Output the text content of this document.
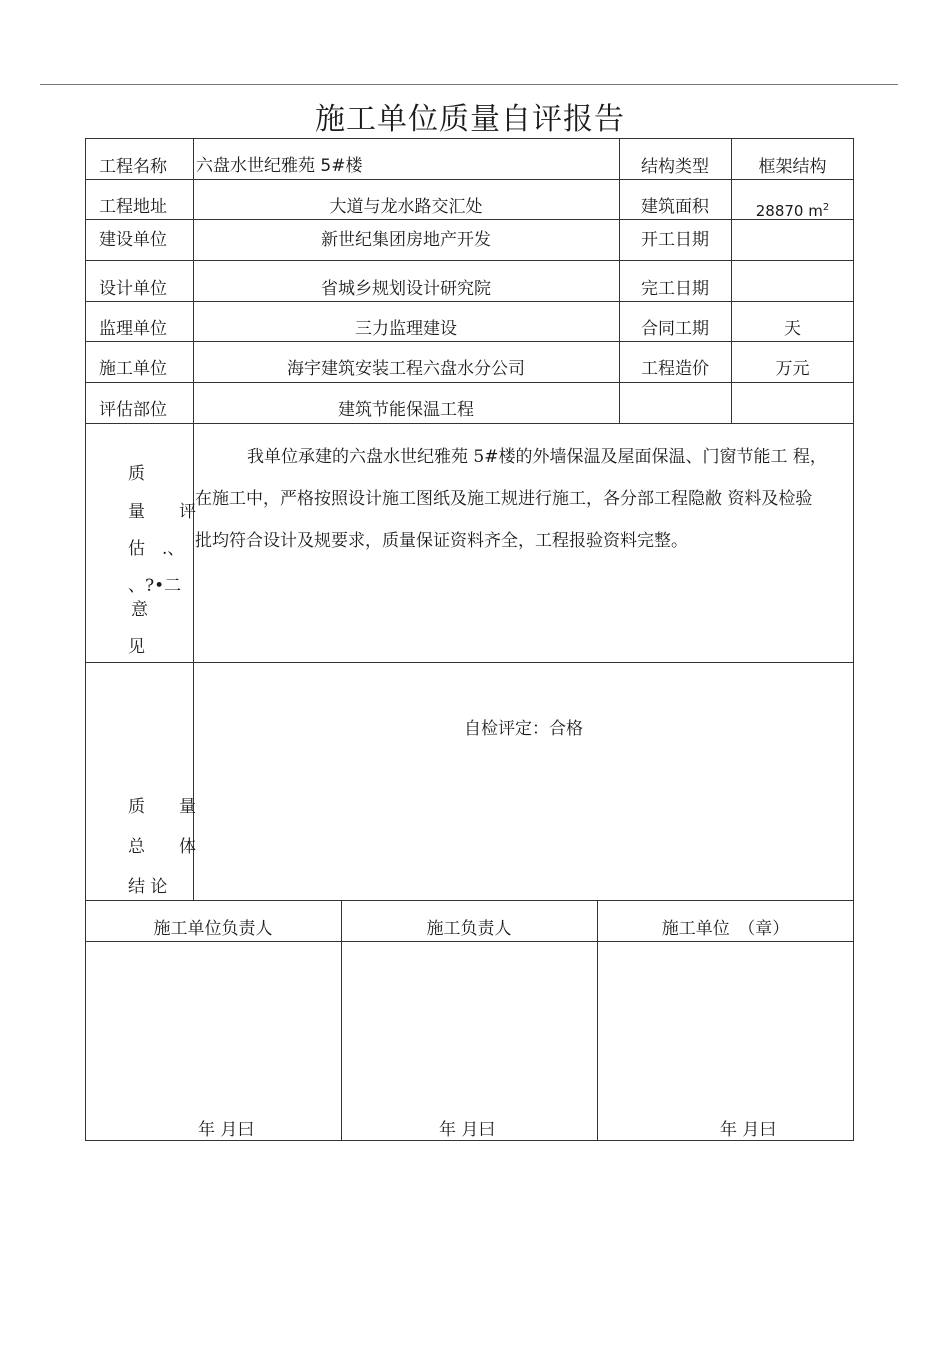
施工单位质量自评报告
工程名称 六盘水世纪雅苑 5#楼	结构类型	框架结构
工程地址	大道与龙水路交汇处	建筑面积	28870 $m^2$
建设单位	新世纪集团房地产开发	开工日期
设计单位	省城乡规划设计研究院	完工日期
监理单位	三力监理建设	合同工期	天
施工单位	海宇建筑安装工程六盘水分公司	工程造价	万元
评估部位	建筑节能保温工程
质
量　　评
估　.、
、?•二
意
见
我单位承建的六盘水世纪雅苑 5#楼的外墙保温及屋面保温、门窗节能工 程，
在施工中，严格按照设计施工图纸及施工规进行施工，各分部工程隐敝 资料及检验
批均符合设计及规要求，质量保证资料齐全，工程报验资料完整。
自检评定：合格
质　　量
总　　体
结 论
施工单位负责人	施工负责人	施工单位　（章）
年 月曰	年 月曰	年 月曰
